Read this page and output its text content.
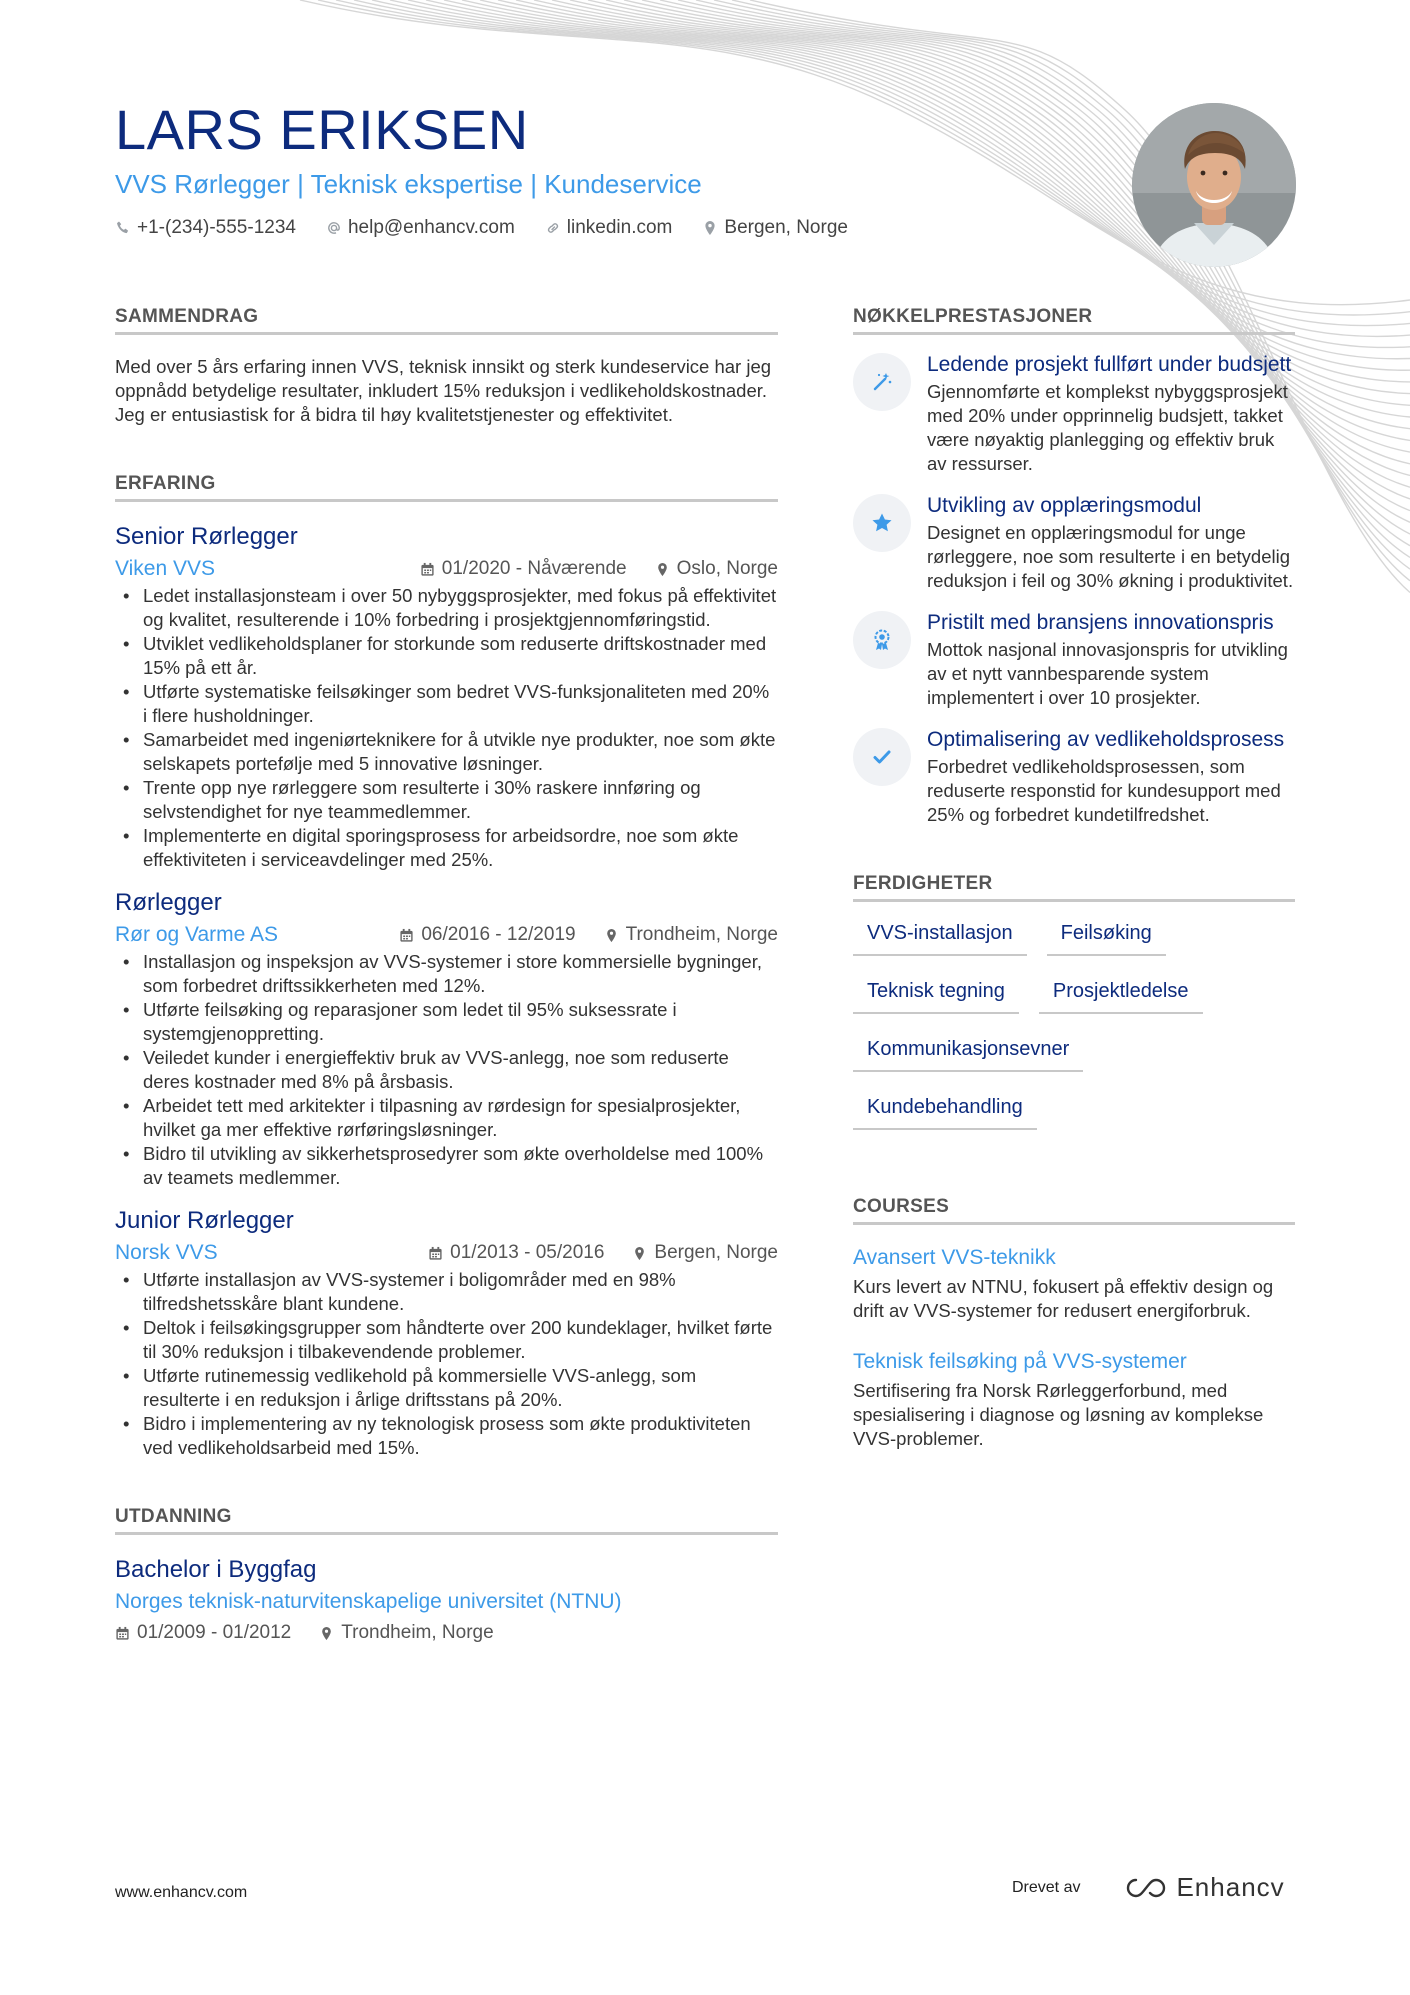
LARS ERIKSEN
VVS Rørlegger | Teknisk ekspertise | Kundeservice
+1-(234)-555-1234	help@enhancv.com	linkedin.com	Bergen, Norge
SAMMENDRAG

Med over 5 års erfaring innen VVS, teknisk innsikt og sterk kundeservice har jeg oppnådd betydelige resultater, inkludert 15% reduksjon i vedlikeholdskostnader. Jeg er entusiastisk for å bidra til høy kvalitetstjenester og effektivitet.

ERFARING
Senior Rørlegger
Viken VVS	01/2020 - Nåværende	Oslo, Norge
• Ledet installasjonsteam i over 50 nybyggsprosjekter, med fokus på effektivitet og kvalitet, resulterende i 10% forbedring i prosjektgjennomføringstid.
• Utviklet vedlikeholdsplaner for storkunde som reduserte driftskostnader med 15% på ett år.
• Utførte systematiske feilsøkinger som bedret VVS-funksjonaliteten med 20% i flere husholdninger.
• Samarbeidet med ingeniørteknikere for å utvikle nye produkter, noe som økte selskapets portefølje med 5 innovative løsninger.
• Trente opp nye rørleggere som resulterte i 30% raskere innføring og selvstendighet for nye teammedlemmer.
• Implementerte en digital sporingsprosess for arbeidsordre, noe som økte effektiviteten i serviceavdelinger med 25%.
Rørlegger
Rør og Varme AS	06/2016 - 12/2019	Trondheim, Norge
• Installasjon og inspeksjon av VVS-systemer i store kommersielle bygninger, som forbedret driftssikkerheten med 12%.
• Utførte feilsøking og reparasjoner som ledet til 95% suksessrate i systemgjenoppretting.
• Veiledet kunder i energieffektiv bruk av VVS-anlegg, noe som reduserte deres kostnader med 8% på årsbasis.
• Arbeidet tett med arkitekter i tilpasning av rørdesign for spesialprosjekter, hvilket ga mer effektive rørføringsløsninger.
• Bidro til utvikling av sikkerhetsprosedyrer som økte overholdelse med 100% av teamets medlemmer.
Junior Rørlegger
Norsk VVS	01/2013 - 05/2016	Bergen, Norge
• Utførte installasjon av VVS-systemer i boligområder med en 98% tilfredshetsskåre blant kundene.
• Deltok i feilsøkingsgrupper som håndterte over 200 kundeklager, hvilket førte til 30% reduksjon i tilbakevendende problemer.
• Utførte rutinemessig vedlikehold på kommersielle VVS-anlegg, som resulterte i en reduksjon i årlige driftsstans på 20%.
• Bidro i implementering av ny teknologisk prosess som økte produktiviteten ved vedlikeholdsarbeid med 15%.
UTDANNING
Bachelor i Byggfag
Norges teknisk-naturvitenskapelige universitet (NTNU)
01/2009 - 01/2012	Trondheim, Norge
NØKKELPRESTASJONER
Ledende prosjekt fullført under budsjett
Gjennomførte et komplekst nybyggsprosjekt med 20% under opprinnelig budsjett, takket være nøyaktig planlegging og effektiv bruk av ressurser.
Utvikling av opplæringsmodul
Designet en opplæringsmodul for unge rørleggere, noe som resulterte i en betydelig reduksjon i feil og 30% økning i produktivitet.
Pristilt med bransjens innovationspris
Mottok nasjonal innovasjonspris for utvikling av et nytt vannbesparende system implementert i over 10 prosjekter.
Optimalisering av vedlikeholdsprosess
Forbedret vedlikeholdsprosessen, som reduserte responstid for kundesupport med 25% og forbedret kundetilfredshet.
FERDIGHETER
VVS-installasjon	Feilsøking
Teknisk tegning	Prosjektledelse
Kommunikasjonsevner
Kundebehandling
COURSES
Avansert VVS-teknikk
Kurs levert av NTNU, fokusert på effektiv design og drift av VVS-systemer for redusert energiforbruk.
Teknisk feilsøking på VVS-systemer
Sertifisering fra Norsk Rørleggerforbund, med spesialisering i diagnose og løsning av komplekse VVS-problemer.
www.enhancv.com	Drevet av	Enhancv
